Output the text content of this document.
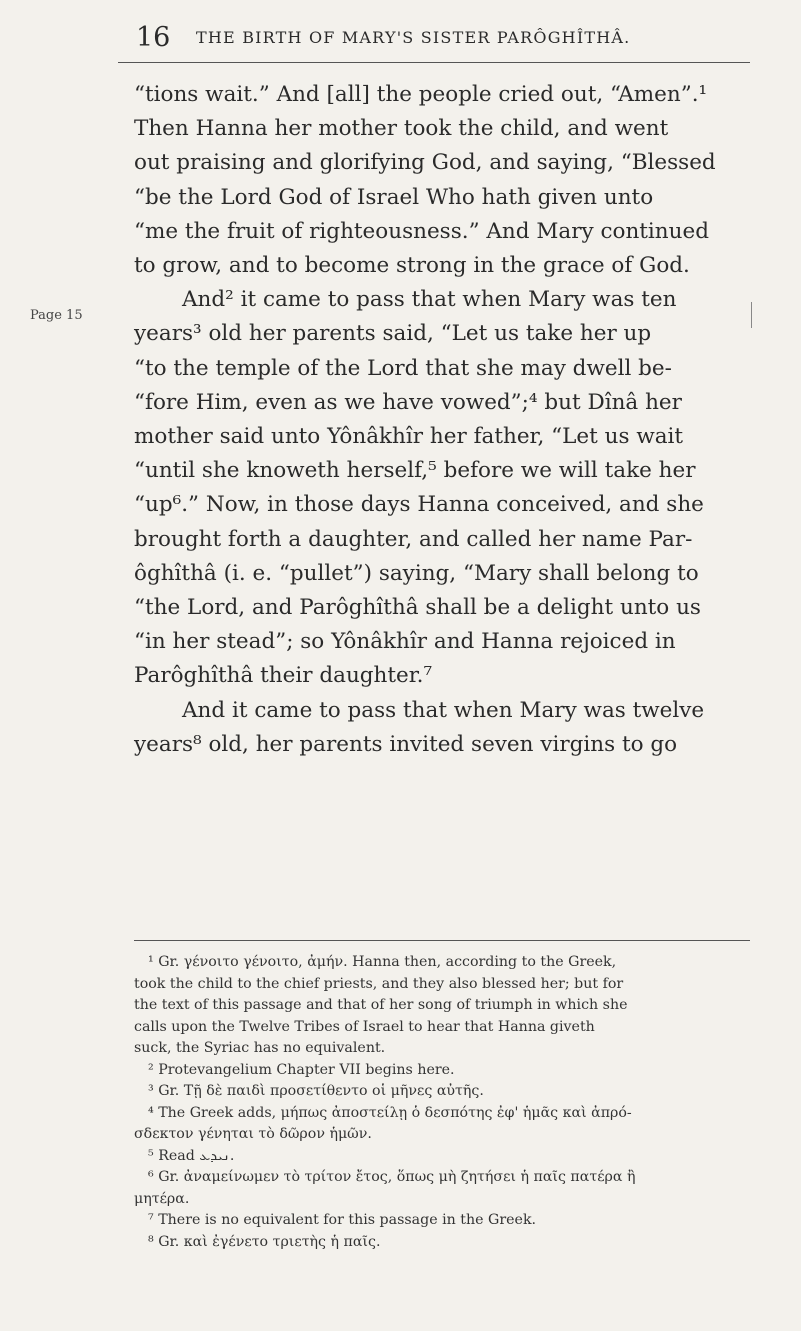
16 THE BIRTH OF MARY'S SISTER PARÔGHÎTHÂ.
Page 15
“tions wait.” And [all] the people cried out, “Amen”.¹
Then Hanna her mother took the child, and went
out praising and glorifying God, and saying, “Blessed
“be the Lord God of Israel Who hath given unto
“me the fruit of righteousness.” And Mary continued
to grow, and to become strong in the grace of God.
And² it came to pass that when Mary was ten
years³ old her parents said, “Let us take her up
“to the temple of the Lord that she may dwell be-
“fore Him, even as we have vowed”;⁴ but Dînâ her
mother said unto Yônâkhîr her father, “Let us wait
“until she knoweth herself,⁵ before we will take her
“up⁶.” Now, in those days Hanna conceived, and she
brought forth a daughter, and called her name Par-
ôghîthâ (i. e. “pullet”) saying, “Mary shall belong to
“the Lord, and Parôghîthâ shall be a delight unto us
“in her stead”; so Yônâkhîr and Hanna rejoiced in
Parôghîthâ their daughter.⁷
And it came to pass that when Mary was twelve
years⁸ old, her parents invited seven virgins to go
¹ Gr. γένοιτο γένοιτο, ἀμήν. Hanna then, according to the Greek,
took the child to the chief priests, and they also blessed her; but for
the text of this passage and that of her song of triumph in which she
calls upon the Twelve Tribes of Israel to hear that Hanna giveth
suck, the Syriac has no equivalent.
² Protevangelium Chapter VII begins here.
³ Gr. Τῇ δὲ παιδὶ προσετίθεντο οἱ μῆνες αὐτῆς.
⁴ The Greek adds, μήπως ἀποστείλῃ ὁ δεσπότης ἐφ' ἡμᾶς καὶ ἀπρό-
σδεκτον γένηται τὸ δῶρον ἡμῶν.
⁵ Read ܢܝܕܥ.
⁶ Gr. ἀναμείνωμεν τὸ τρίτον ἔτος, ὅπως μὴ ζητήσει ἡ παῖς πατέρα ἢ
μητέρα.
⁷ There is no equivalent for this passage in the Greek.
⁸ Gr. καὶ ἐγένετο τριετὴς ἡ παῖς.
